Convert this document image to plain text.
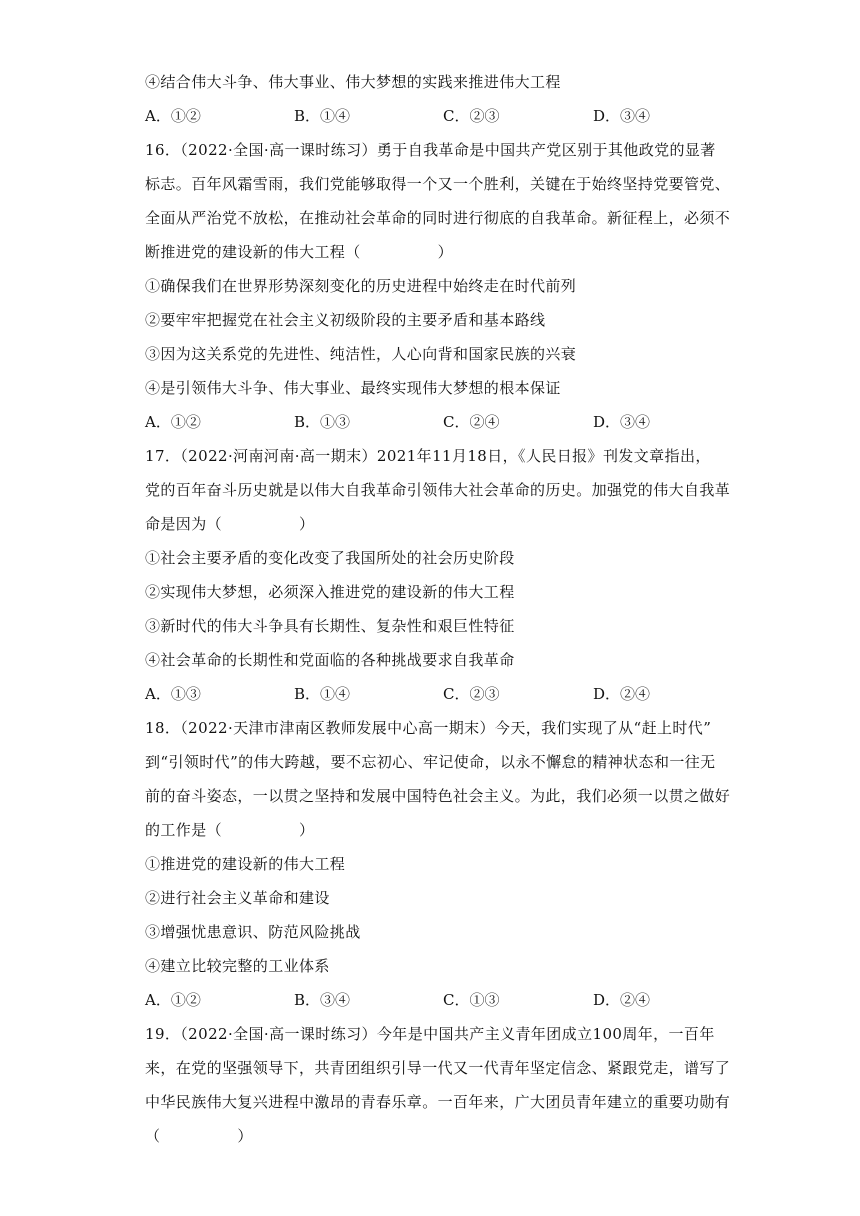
④结合伟大斗争、伟大事业、伟大梦想的实践来推进伟大工程
A．①②	B．①④	C．②③	D．③④
16．（2022·全国·高一课时练习）勇于自我革命是中国共产党区别于其他政党的显著
标志。百年风霜雪雨，我们党能够取得一个又一个胜利，关键在于始终坚持党要管党、
全面从严治党不放松，在推动社会革命的同时进行彻底的自我革命。新征程上，必须不
断推进党的建设新的伟大工程（　　　　　）
①确保我们在世界形势深刻变化的历史进程中始终走在时代前列
②要牢牢把握党在社会主义初级阶段的主要矛盾和基本路线
③因为这关系党的先进性、纯洁性，人心向背和国家民族的兴衰
④是引领伟大斗争、伟大事业、最终实现伟大梦想的根本保证
A．①②	B．①③	C．②④	D．③④
17．（2022·河南河南·高一期末）2021年11月18日，《人民日报》刊发文章指出，
党的百年奋斗历史就是以伟大自我革命引领伟大社会革命的历史。加强党的伟大自我革
命是因为（　　　　　）
①社会主要矛盾的变化改变了我国所处的社会历史阶段
②实现伟大梦想，必须深入推进党的建设新的伟大工程
③新时代的伟大斗争具有长期性、复杂性和艰巨性特征
④社会革命的长期性和党面临的各种挑战要求自我革命
A．①③	B．①④	C．②③	D．②④
18．（2022·天津市津南区教师发展中心高一期末）今天，我们实现了从“赶上时代”
到“引领时代”的伟大跨越，要不忘初心、牢记使命，以永不懈怠的精神状态和一往无
前的奋斗姿态，一以贯之坚持和发展中国特色社会主义。为此，我们必须一以贯之做好
的工作是（　　　　　）
①推进党的建设新的伟大工程
②进行社会主义革命和建设
③增强忧患意识、防范风险挑战
④建立比较完整的工业体系
A．①②	B．③④	C．①③	D．②④
19．（2022·全国·高一课时练习）今年是中国共产主义青年团成立100周年，一百年
来，在党的坚强领导下，共青团组织引导一代又一代青年坚定信念、紧跟党走，谱写了
中华民族伟大复兴进程中激昂的青春乐章。一百年来，广大团员青年建立的重要功勋有
（　　　　　）
